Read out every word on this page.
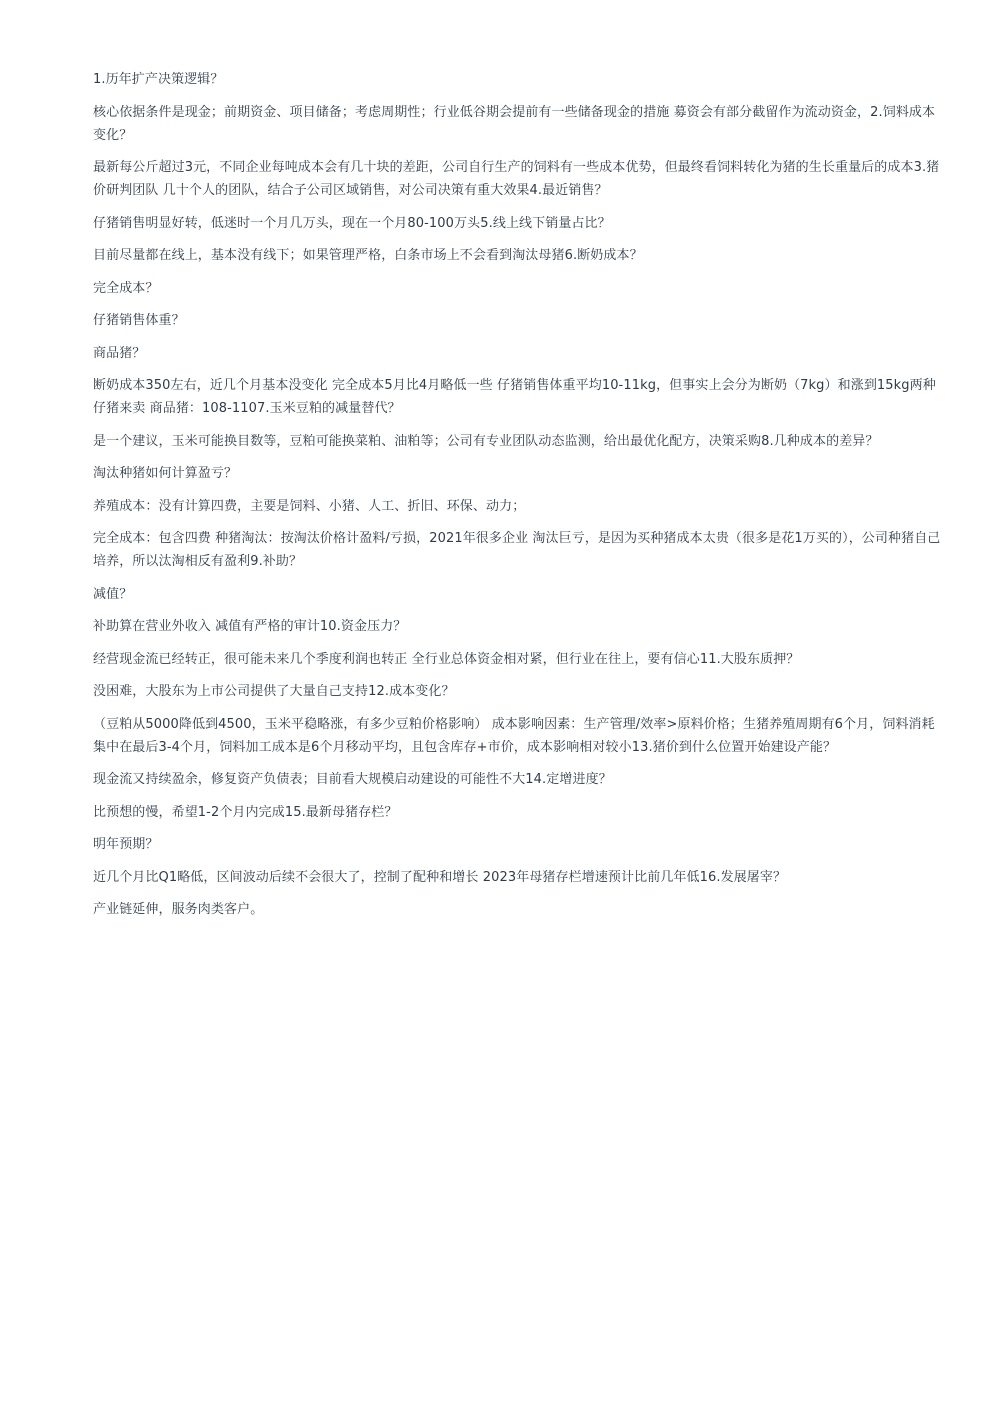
1.历年扩产决策逻辑？

核心依据条件是现金；前期资金、项目储备；考虑周期性；行业低谷期会提前有一些储备现金的措施 募资会有部分截留作为流动资金，2.饲料成本变化？

最新每公斤超过3元，不同企业每吨成本会有几十块的差距，公司自行生产的饲料有一些成本优势，但最终看饲料转化为猪的生长重量后的成本3.猪价研判团队 几十个人的团队，结合子公司区域销售，对公司决策有重大效果4.最近销售？

仔猪销售明显好转，低迷时一个月几万头，现在一个月80-100万头5.线上线下销量占比？

目前尽量都在线上，基本没有线下；如果管理严格，白条市场上不会看到淘汰母猪6.断奶成本？

完全成本？

仔猪销售体重？

商品猪？

断奶成本350左右，近几个月基本没变化 完全成本5月比4月略低一些 仔猪销售体重平均10-11kg，但事实上会分为断奶（7kg）和涨到15kg两种仔猪来卖 商品猪：108-1107.玉米豆粕的减量替代？

是一个建议，玉米可能换目数等，豆粕可能换菜粕、油粕等；公司有专业团队动态监测，给出最优化配方，决策采购8.几种成本的差异？

淘汰种猪如何计算盈亏？

养殖成本：没有计算四费，主要是饲料、小猪、人工、折旧、环保、动力；

完全成本：包含四费 种猪淘汰：按淘汰价格计盈料/亏损，2021年很多企业 淘汰巨亏，是因为买种猪成本太贵（很多是花1万买的），公司种猪自己培养，所以汰淘相反有盈利9.补助？

减值？

补助算在营业外收入 减值有严格的审计10.资金压力？

经营现金流已经转正，很可能未来几个季度利润也转正 全行业总体资金相对紧，但行业在往上，要有信心11.大股东质押？

没困难，大股东为上市公司提供了大量自己支持12.成本变化？

（豆粕从5000降低到4500，玉米平稳略涨，有多少豆粕价格影响） 成本影响因素：生产管理/效率>原料价格；生猪养殖周期有6个月，饲料消耗集中在最后3-4个月，饲料加工成本是6个月移动平均，且包含库存+市价，成本影响相对较小13.猪价到什么位置开始建设产能？

现金流又持续盈余，修复资产负债表；目前看大规模启动建设的可能性不大14.定增进度？

比预想的慢，希望1-2个月内完成15.最新母猪存栏？

明年预期？

近几个月比Q1略低，区间波动后续不会很大了，控制了配种和增长 2023年母猪存栏增速预计比前几年低16.发展屠宰？

产业链延伸，服务肉类客户。
